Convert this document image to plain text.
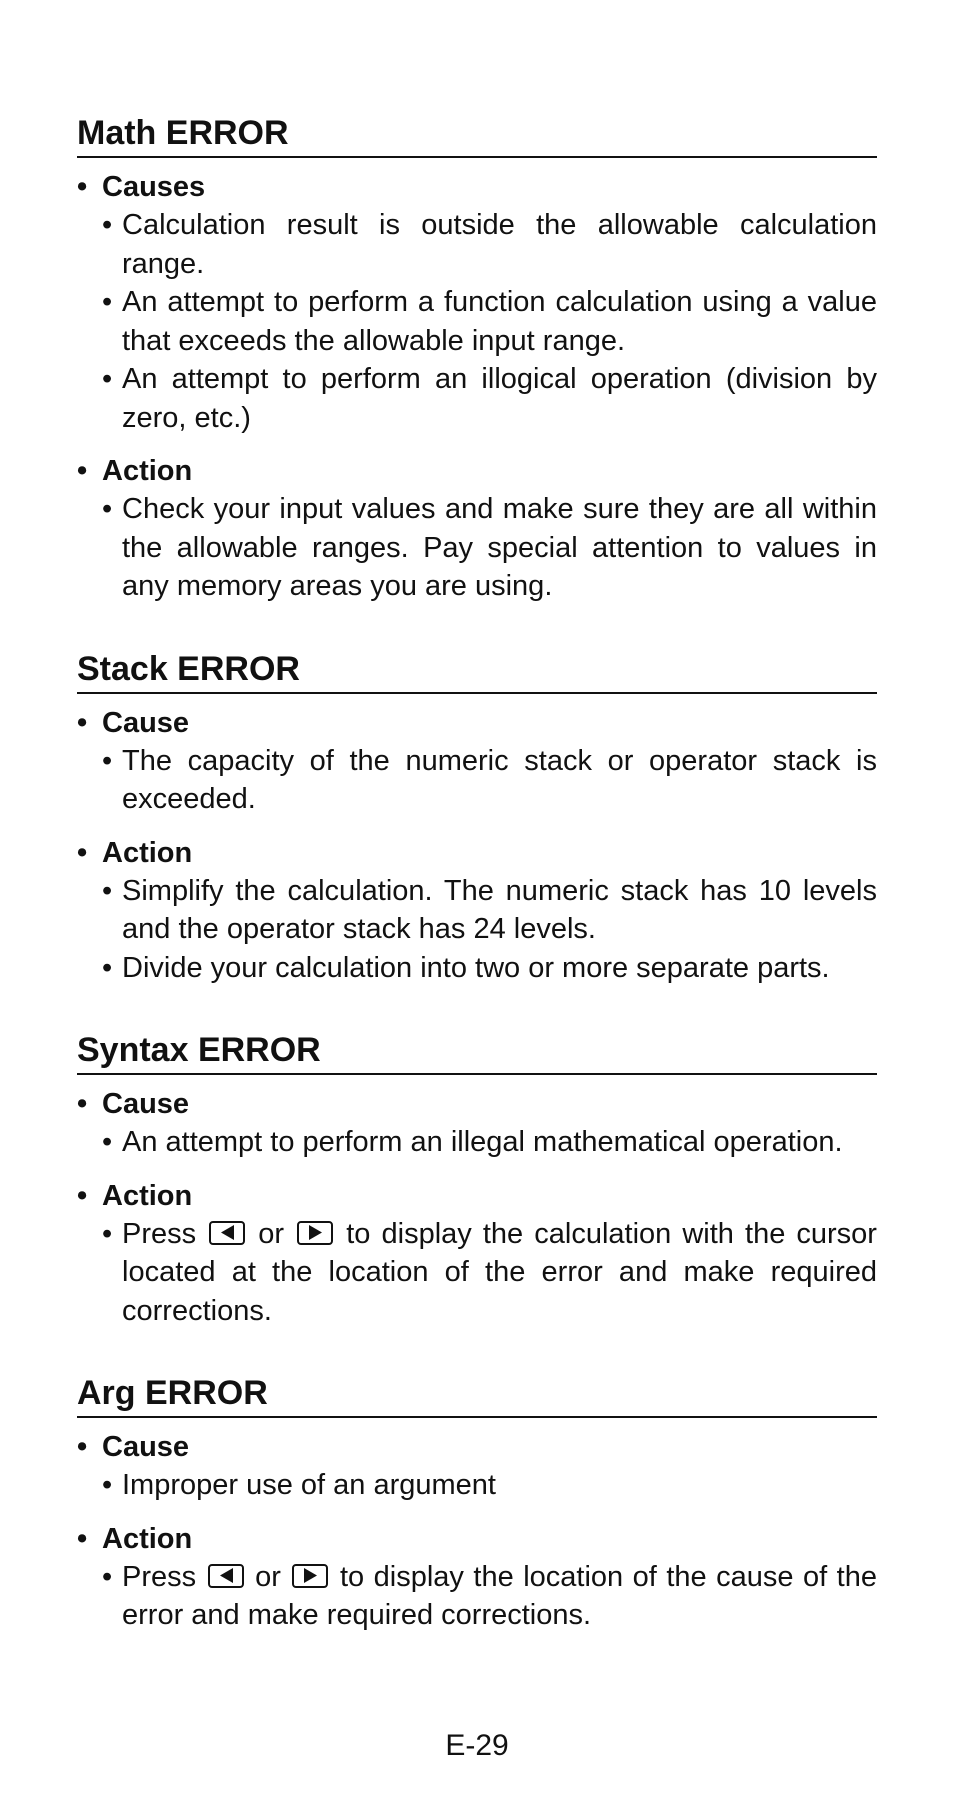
Math ERROR
• Causes
• Calculation result is outside the allowable calculation range.
• An attempt to perform a function calculation using a value that exceeds the allowable input range.
• An attempt to perform an illogical operation (division by zero, etc.)
• Action
• Check your input values and make sure they are all within the allowable ranges. Pay special attention to values in any memory areas you are using.
Stack ERROR
• Cause
• The capacity of the numeric stack or operator stack is exceeded.
• Action
• Simplify the calculation. The numeric stack has 10 levels and the operator stack has 24 levels.
• Divide your calculation into two or more separate parts.
Syntax ERROR
• Cause
• An attempt to perform an illegal mathematical operation.
• Action
• Press or to display the calculation with the cursor located at the location of the error and make required corrections.
Arg ERROR
• Cause
• Improper use of an argument
• Action
• Press or to display the location of the cause of the error and make required corrections.
E-29
